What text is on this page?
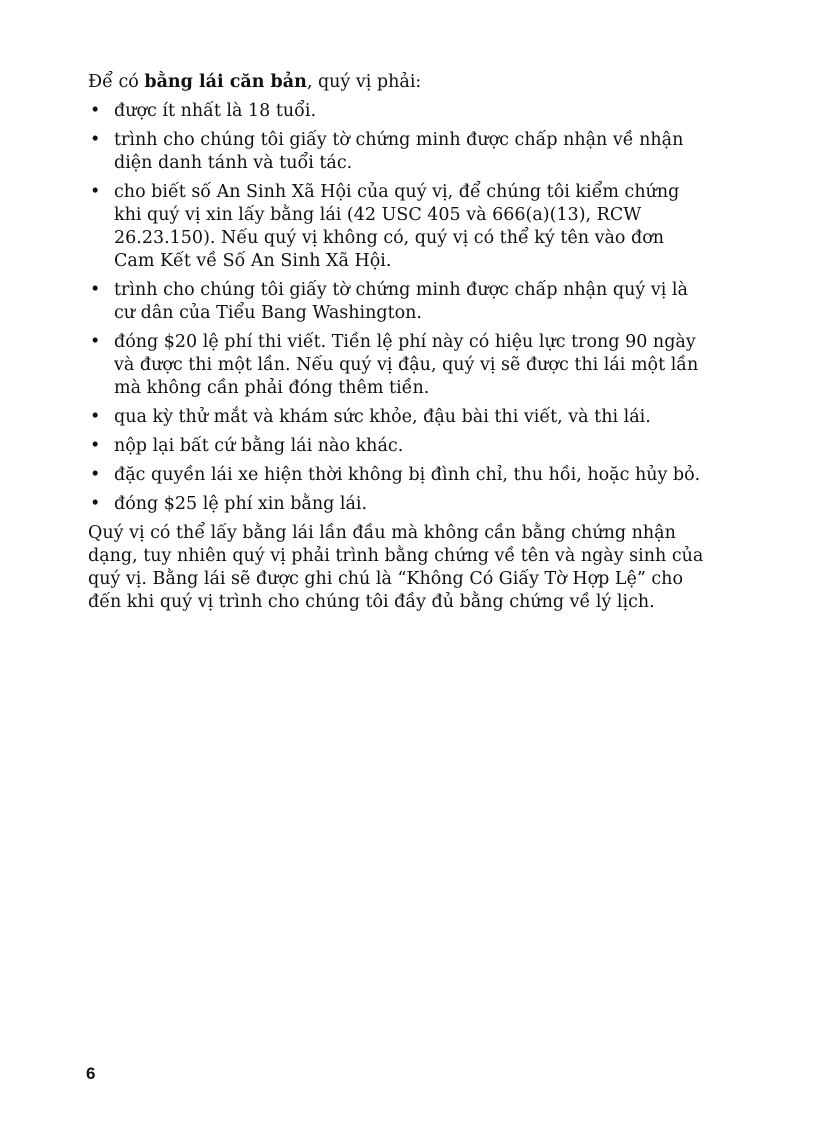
Để có bằng lái căn bản, quý vị phải:

• được ít nhất là 18 tuổi.
• trình cho chúng tôi giấy tờ chứng minh được chấp nhận về nhận diện danh tánh và tuổi tác.
• cho biết số An Sinh Xã Hội của quý vị, để chúng tôi kiểm chứng khi quý vị xin lấy bằng lái (42 USC 405 và 666(a)(13), RCW 26.23.150). Nếu quý vị không có, quý vị có thể ký tên vào đơn Cam Kết về Số An Sinh Xã Hội.
• trình cho chúng tôi giấy tờ chứng minh được chấp nhận quý vị là cư dân của Tiểu Bang Washington.
• đóng $20 lệ phí thi viết. Tiền lệ phí này có hiệu lực trong 90 ngày và được thi một lần. Nếu quý vị đậu, quý vị sẽ được thi lái một lần mà không cần phải đóng thêm tiền.
• qua kỳ thử mắt và khám sức khỏe, đậu bài thi viết, và thi lái.
• nộp lại bất cứ bằng lái nào khác.
• đặc quyền lái xe hiện thời không bị đình chỉ, thu hồi, hoặc hủy bỏ.
• đóng $25 lệ phí xin bằng lái.

Quý vị có thể lấy bằng lái lần đầu mà không cần bằng chứng nhận dạng, tuy nhiên quý vị phải trình bằng chứng về tên và ngày sinh của quý vị. Bằng lái sẽ được ghi chú là “Không Có Giấy Tờ Hợp Lệ” cho đến khi quý vị trình cho chúng tôi đầy đủ bằng chứng về lý lịch.

6
